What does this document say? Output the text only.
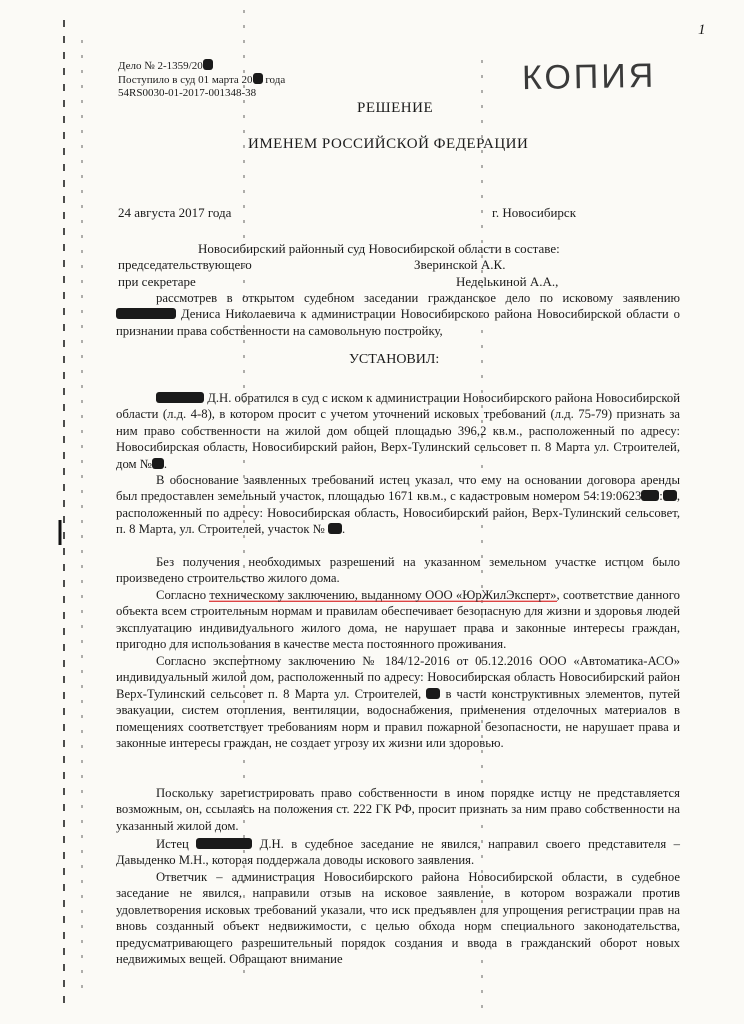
Дело № 2-1359/20
Поступило в суд 01 марта 20 года
54RS0030-01-2017-001348-38
1
КОПИЯ
РЕШЕНИЕ
ИМЕНЕМ РОССИЙСКОЙ ФЕДЕРАЦИИ
24 августа 2017 года	г. Новосибирск
Новосибирский районный суд Новосибирской области в составе:
председательствующего	Зверинской А.К.
при секретаре	Недelькиной А.А.,
рассмотрев в открытом судебном заседании гражданское дело по исковому заявлению  Дениса Николаевича к администрации Новосибирского района Новосибирской области о признании права собственности на самовольную постройку,
УСТАНОВИЛ:
Д.Н. обратился в суд с иском к администрации Новосибирского района Новосибирской области (л.д. 4-8), в котором просит с учетом уточнений исковых требований (л.д. 75-79) признать за ним право собственности на жилой дом общей площадью 396,2 кв.м., расположенный по адресу: Новосибирская область, Новосибирский район, Верх-Тулинский сельсовет п. 8 Марта ул. Строителей, дом № .
В обоснование заявленных требований истец указал, что ему на основании договора аренды был предоставлен земельный участок, площадью 1671 кв.м., с кадастровым номером 54:19:0623 : , расположенный по адресу: Новосибирская область, Новосибирский район, Верх-Тулинский сельсовет, п. 8 Марта, ул. Строителей, участок № .
Без получения необходимых разрешений на указанном земельном участке истцом было произведено строительство жилого дома.
Согласно техническому заключению, выданному ООО «ЮрЖилЭксперт», соответствие данного объекта всем строительным нормам и правилам обеспечивает безопасную для жизни и здоровья людей эксплуатацию индивидуального жилого дома, не нарушает права и законные интересы граждан, пригодно для использования в качестве места постоянного проживания.
Согласно экспертному заключению № 184/12-2016 от 05.12.2016 ООО «Автоматика-АСО» индивидуальный жилой дом, расположенный по адресу: Новосибирская область Новосибирский район Верх-Тулинский сельсовет п. 8 Марта ул. Строителей, в части конструктивных элементов, путей эвакуации, систем отопления, вентиляции, водоснабжения, применения отделочных материалов в помещениях соответствует требованиям норм и правил пожарной безопасности, не нарушает права и законные интересы граждан, не создает угрозу их жизни или здоровью.
Поскольку зарегистрировать право собственности в ином порядке истцу не представляется возможным, он, ссылаясь на положения ст. 222 ГК РФ, просит признать за ним право собственности на указанный жилой дом.
Истец	Д.Н. в судебное заседание не явился, направил своего представителя – Давыденко М.Н., которая поддержала доводы искового заявления.
Ответчик – администрация Новосибирского района Новосибирской области, в судебное заседание не явился, направили отзыв на исковое заявление, в котором возражали против удовлетворения исковых требований указали, что иск предъявлен для упрощения регистрации прав на вновь созданный объект недвижимости, с целью обхода норм специального законодательства, предусматривающего разрешительный порядок создания и ввода в гражданский оборот новых недвижимых вещей. Обращают внимание
